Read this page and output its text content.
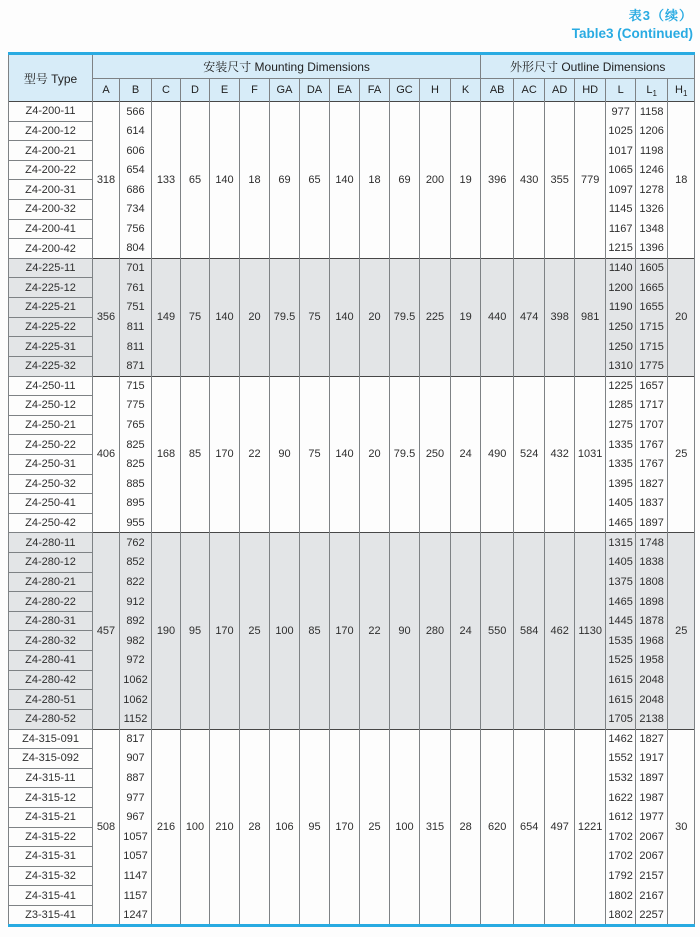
表3（续）
Table3 (Continued)
型号 Type	安装尺寸 Mounting Dimensions													外形尺寸 Outline Dimensions						
	A	B	C	D	E	F	GA	DA	EA	FA	GC	H	K	AB	AC	AD	HD	L	$L_1$	$H_1$
Z4-200-11	318	566	133	65	140	18	69	65	140	18	69	200	19	396	430	355	779	977	1158	18
Z4-200-12		614																1025	1206	
Z4-200-21		606																1017	1198	
Z4-200-22		654																1065	1246	
Z4-200-31		686																1097	1278	
Z4-200-32		734																1145	1326	
Z4-200-41		756																1167	1348	
Z4-200-42		804																1215	1396	
Z4-225-11	356	701	149	75	140	20	79.5	75	140	20	79.5	225	19	440	474	398	981	1140	1605	20
Z4-225-12		761																1200	1665	
Z4-225-21		751																1190	1655	
Z4-225-22		811																1250	1715	
Z4-225-31		811																1250	1715	
Z4-225-32		871																1310	1775	
Z4-250-11	406	715	168	85	170	22	90	75	140	20	79.5	250	24	490	524	432	1031	1225	1657	25
Z4-250-12		775																1285	1717	
Z4-250-21		765																1275	1707	
Z4-250-22		825																1335	1767	
Z4-250-31		825																1335	1767	
Z4-250-32		885																1395	1827	
Z4-250-41		895																1405	1837	
Z4-250-42		955																1465	1897	
Z4-280-11	457	762	190	95	170	25	100	85	170	22	90	280	24	550	584	462	1130	1315	1748	25
Z4-280-12		852																1405	1838	
Z4-280-21		822																1375	1808	
Z4-280-22		912																1465	1898	
Z4-280-31		892																1445	1878	
Z4-280-32		982																1535	1968	
Z4-280-41		972																1525	1958	
Z4-280-42		1062																1615	2048	
Z4-280-51		1062																1615	2048	
Z4-280-52		1152																1705	2138	
Z4-315-091	508	817	216	100	210	28	106	95	170	25	100	315	28	620	654	497	1221	1462	1827	30
Z4-315-092		907																1552	1917	
Z4-315-11		887																1532	1897	
Z4-315-12		977																1622	1987	
Z4-315-21		967																1612	1977	
Z4-315-22		1057																1702	2067	
Z4-315-31		1057																1702	2067	
Z4-315-32		1147																1792	2157	
Z4-315-41		1157																1802	2167	
Z3-315-41		1247																1802	2257	
